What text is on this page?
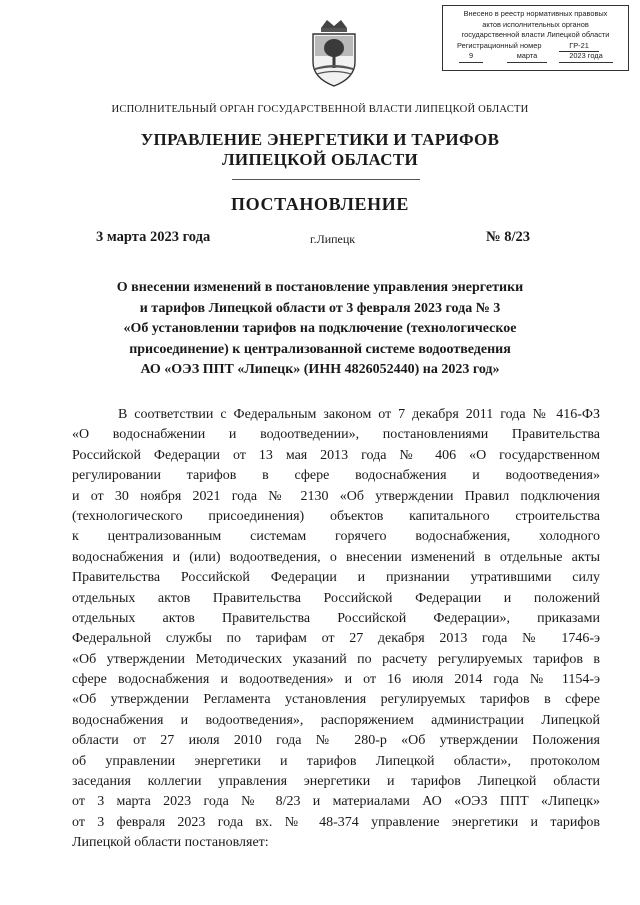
Внесено в реестр нормативных правовых
актов исполнительных органов
государственной власти Липецкой области
Регистрационный номер	ГР-21
9	марта	2023 года
ИСПОЛНИТЕЛЬНЫЙ ОРГАН ГОСУДАРСТВЕННОЙ ВЛАСТИ ЛИПЕЦКОЙ ОБЛАСТИ
УПРАВЛЕНИЕ ЭНЕРГЕТИКИ И ТАРИФОВ
ЛИПЕЦКОЙ ОБЛАСТИ
ПОСТАНОВЛЕНИЕ
3 марта 2023 года	г.Липецк	№ 8/23
О внесении изменений в постановление управления энергетики
и тарифов Липецкой области от 3 февраля 2023 года № 3
«Об установлении тарифов на подключение (технологическое
присоединение) к централизованной системе водоотведения
АО «ОЭЗ ППТ «Липецк» (ИНН 4826052440) на 2023 год»
В соответствии с Федеральным законом от 7 декабря 2011 года № 416-ФЗ
«О водоснабжении и водоотведении», постановлениями Правительства
Российской Федерации от 13 мая 2013 года № 406 «О государственном
регулировании тарифов в сфере водоснабжения и водоотведения»
и от 30 ноября 2021 года № 2130 «Об утверждении Правил подключения
(технологического присоединения) объектов капитального строительства
к централизованным системам горячего водоснабжения, холодного
водоснабжения и (или) водоотведения, о внесении изменений в отдельные акты
Правительства Российской Федерации и признании утратившими силу
отдельных актов Правительства Российской Федерации и положений
отдельных актов Правительства Российской Федерации», приказами
Федеральной службы по тарифам от 27 декабря 2013 года № 1746-э
«Об утверждении Методических указаний по расчету регулируемых тарифов в
сфере водоснабжения и водоотведения» и от 16 июля 2014 года № 1154-э
«Об утверждении Регламента установления регулируемых тарифов в сфере
водоснабжения и водоотведения», распоряжением администрации Липецкой
области от 27 июля 2010 года № 280-р «Об утверждении Положения
об управлении энергетики и тарифов Липецкой области», протоколом
заседания коллегии управления энергетики и тарифов Липецкой области
от 3 марта 2023 года № 8/23 и материалами АО «ОЭЗ ППТ «Липецк»
от 3 февраля 2023 года вх. № 48-374 управление энергетики и тарифов
Липецкой области постановляет:
